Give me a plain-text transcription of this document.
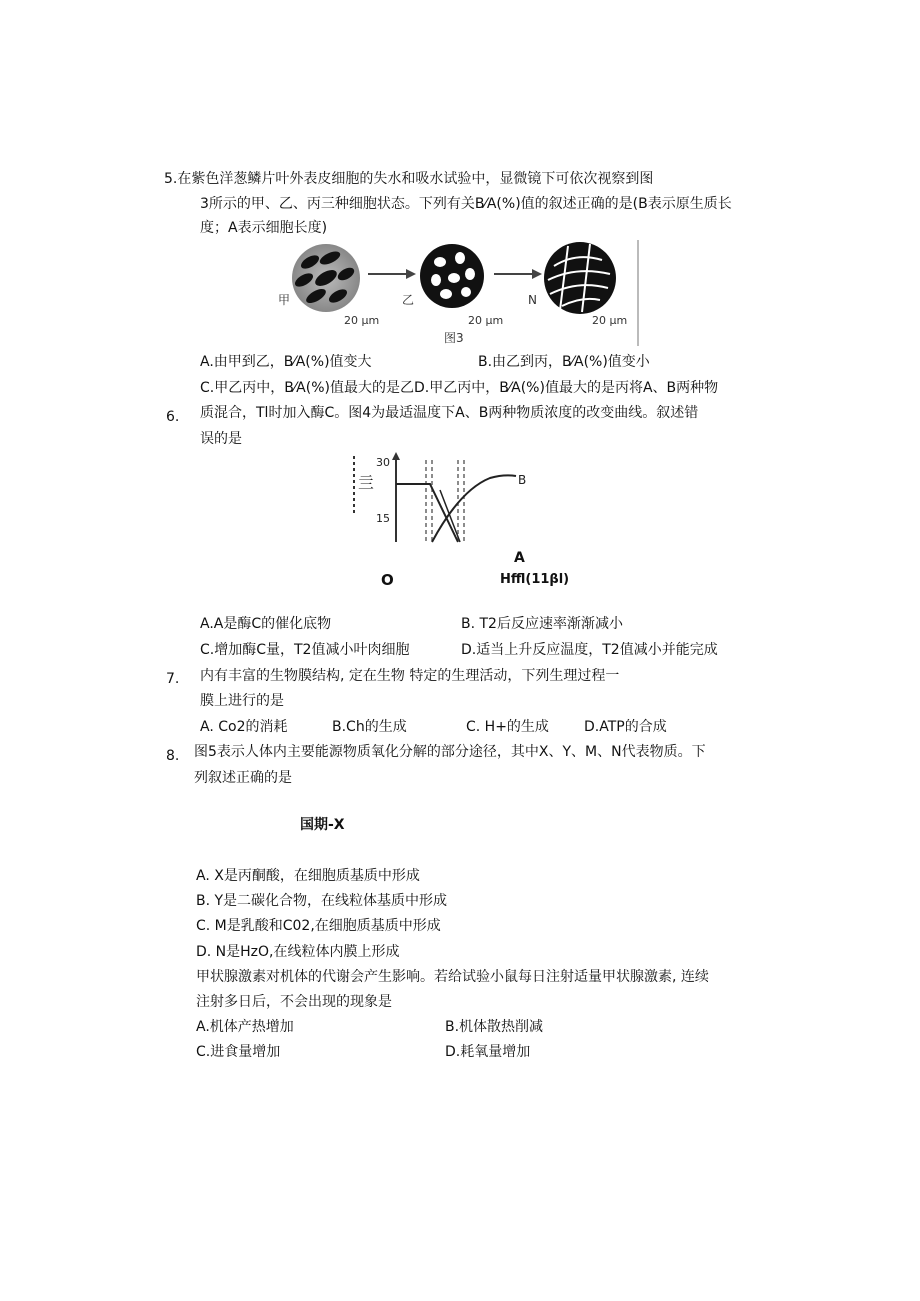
5.在紫色洋葱鳞片叶外表皮细胞的失水和吸水试验中，显微镜下可依次视察到图
3所示的甲、乙、丙三种细胞状态。下列有关B⁄A(%)值的叙述正确的是(B表示原生质长
度；A表示细胞长度)
甲
20 μm
乙
20 μm
N
20 μm
图3
A.由甲到乙，B⁄A(%)值变大	B.由乙到丙，B⁄A(%)值变小
C.甲乙丙中，B⁄A(%)值最大的是乙D.甲乙丙中，B⁄A(%)值最大的是丙将A、B两种物
6. 质混合，Tl时加入酶C。图4为最适温度下A、B两种物质浓度的改变曲线。叙述错
误的是
亖
30
15
B
A
O	Hffl(11βl)
A.A是酶C的催化底物	B. T2后反应速率渐渐减小
C.增加酶C量，T2值减小叶肉细胞	D.适当上升反应温度，T2值减小并能完成
7. 内有丰富的生物膜结构, 定在生物 特定的生理活动，下列生理过程一
膜上进行的是
A. Co2的消耗	B.Ch的生成	C. H+的生成	D.ATP的合成
8. 图5表示人体内主要能源物质氧化分解的部分途径，其中X、Y、M、N代表物质。下
列叙述正确的是
国期-X
A. X是丙酮酸，在细胞质基质中形成
B. Y是二碳化合物，在线粒体基质中形成
C. M是乳酸和C02,在细胞质基质中形成
D. N是HzO,在线粒体内膜上形成
甲状腺激素对机体的代谢会产生影响。若给试验小鼠每日注射适量甲状腺激素, 连续
注射多日后，不会出现的现象是
A.机体产热增加	B.机体散热削减
C.进食量增加	D.耗氧量增加
